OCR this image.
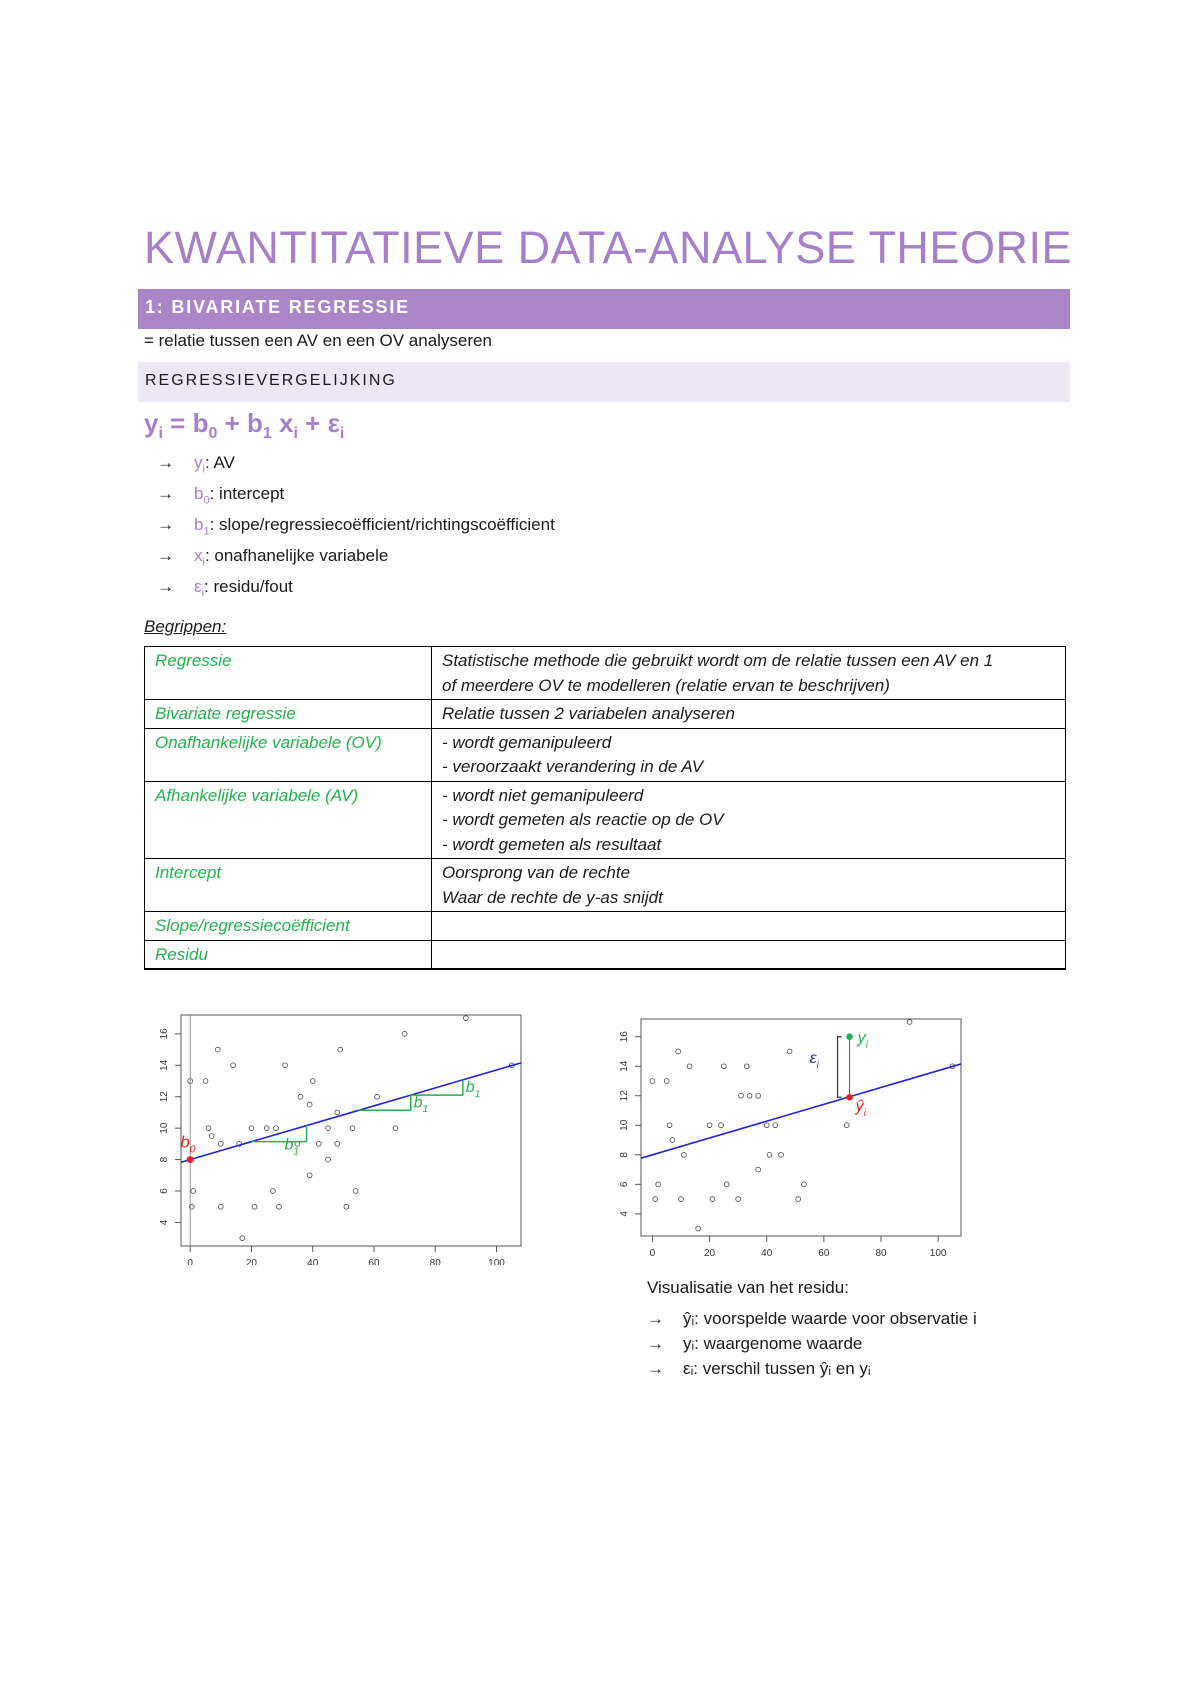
KWANTITATIEVE DATA-ANALYSE THEORIE
1: BIVARIATE REGRESSIE
= relatie tussen een AV en een OV analyseren
REGRESSIEVERGELIJKING
$y_i = b_0 + b_1$ $x_i + \varepsilon_i$
→ $y_i$: AV
→ $b_0$: intercept
→ $b_1$: slope/regressiecoëfficient/richtingscoëfficient
→ $x_i$: onafhanelijke variabele
→ $\varepsilon_i$: residu/fout
Begrippen:
Regressie	Statistische methode die gebruikt wordt om de relatie tussen een AV en 1
of meerdere OV te modelleren (relatie ervan te beschrijven)

Bivariate regressie	Relatie tussen 2 variabelen analyseren

Onafhankelijke variabele (OV)	- wordt gemanipuleerd
- veroorzaakt verandering in de AV

Afhankelijke variabele (AV)	- wordt niet gemanipuleerd
- wordt gemeten als reactie op de OV
- wordt gemeten als resultaat

Intercept	Oorsprong van de rechte
Waar de rechte de y-as snijdt

Slope/regressiecoëfficient	

Residu	
0	20	40	60	80	100
4
6
8
10
12
14
16
$b_0$	$b_1$
$b_1$
$b_1$
0	20	40	60	80	100
4
6
8
10
12
14
16	$y_i$
$ŷ_i$
$\varepsilon_i$
Visualisatie van het residu:
→ ŷᵢ: voorspelde waarde voor observatie i
→ yᵢ: waargenome waarde
→ εᵢ: verschil tussen ŷᵢ en yᵢ
